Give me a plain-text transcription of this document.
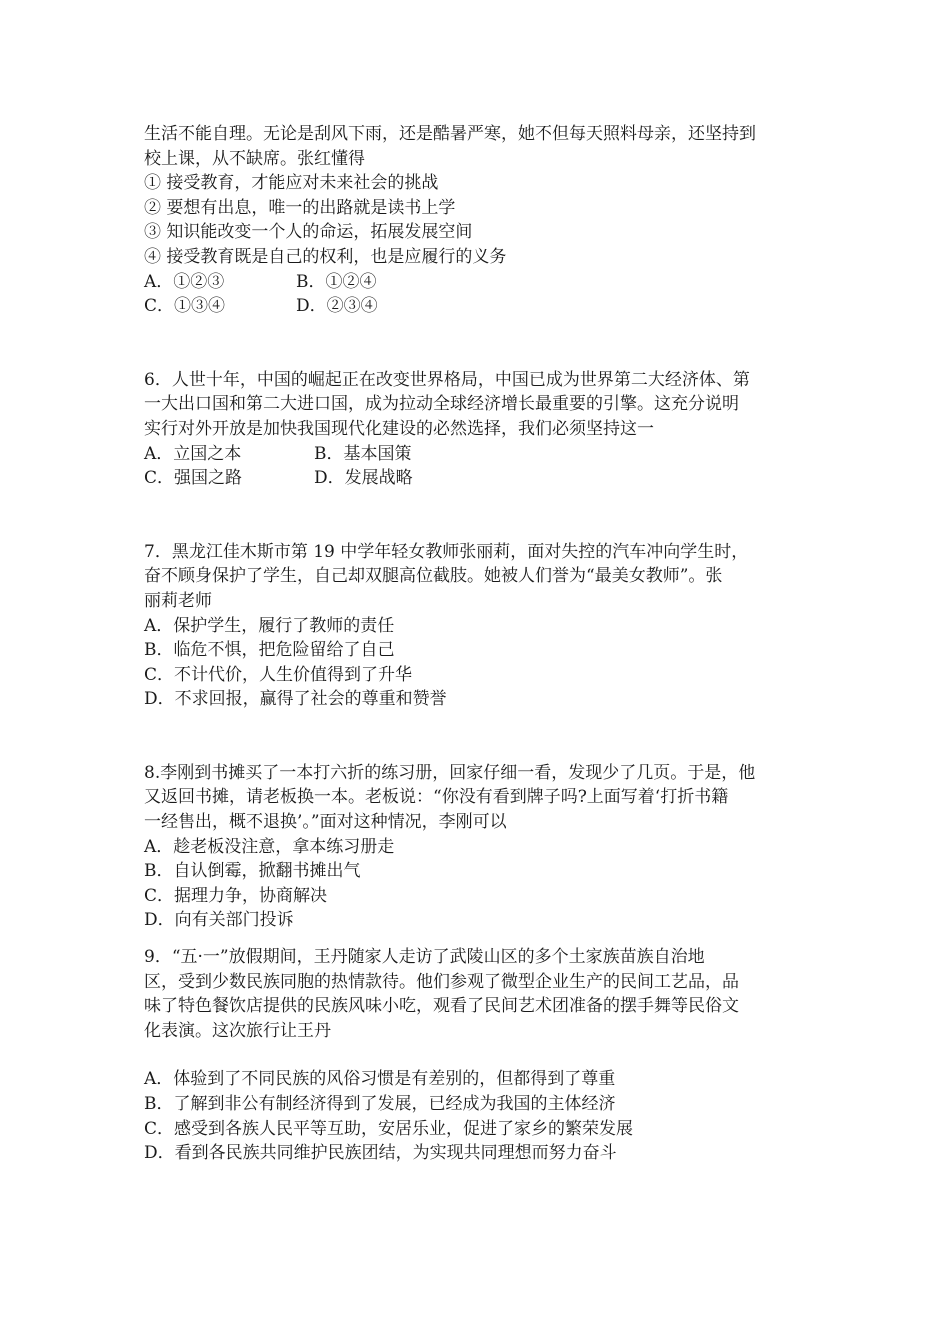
生活不能自理。无论是刮风下雨，还是酷暑严寒，她不但每天照料母亲，还坚持到
校上课，从不缺席。张红懂得
① 接受教育，才能应对未来社会的挑战
② 要想有出息，唯一的出路就是读书上学
③ 知识能改变一个人的命运，拓展发展空间
④ 接受教育既是自己的权利，也是应履行的义务
A．①②③	B．①②④
C．①③④	D．②③④
6．人世十年，中国的崛起正在改变世界格局，中国已成为世界第二大经济体、第
一大出口国和第二大进口国，成为拉动全球经济增长最重要的引擎。这充分说明
实行对外开放是加快我国现代化建设的必然选择，我们必须坚持这一
A．立国之本	B．基本国策
C．强国之路	D．发展战略
7．黑龙江佳木斯市第 19 中学年轻女教师张丽莉，面对失控的汽车冲向学生时，
奋不顾身保护了学生，自己却双腿高位截肢。她被人们誉为“最美女教师”。张
丽莉老师
A．保护学生，履行了教师的责任
B．临危不惧，把危险留给了自己
C．不计代价，人生价值得到了升华
D．不求回报，赢得了社会的尊重和赞誉
8.李刚到书摊买了一本打六折的练习册，回家仔细一看，发现少了几页。于是，他
又返回书摊，请老板换一本。老板说：“你没有看到牌子吗?上面写着‘打折书籍
一经售出，概不退换’。”面对这种情况，李刚可以
A．趁老板没注意，拿本练习册走
B．自认倒霉，掀翻书摊出气
C．据理力争，协商解决
D．向有关部门投诉
9．“五·一”放假期间，王丹随家人走访了武陵山区的多个土家族苗族自治地
区，受到少数民族同胞的热情款待。他们参观了微型企业生产的民间工艺品，品
味了特色餐饮店提供的民族风味小吃，观看了民间艺术团准备的摆手舞等民俗文
化表演。这次旅行让王丹
A．体验到了不同民族的风俗习惯是有差别的，但都得到了尊重
B．了解到非公有制经济得到了发展，已经成为我国的主体经济
C．感受到各族人民平等互助，安居乐业，促进了家乡的繁荣发展
D．看到各民族共同维护民族团结，为实现共同理想而努力奋斗
